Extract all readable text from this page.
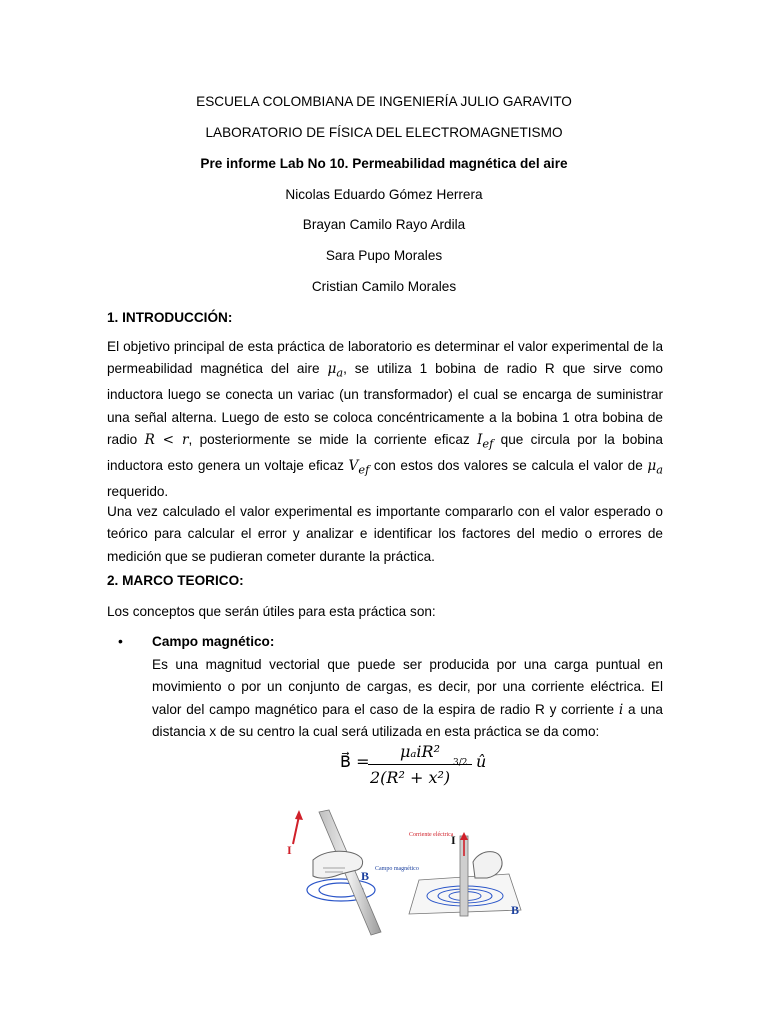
ESCUELA COLOMBIANA DE INGENIERÍA JULIO GARAVITO
LABORATORIO DE FÍSICA DEL ELECTROMAGNETISMO
Pre informe Lab No 10. Permeabilidad magnética del aire
Nicolas Eduardo Gómez Herrera
Brayan Camilo Rayo Ardila
Sara Pupo Morales
Cristian Camilo Morales
1. INTRODUCCIÓN:
El objetivo principal de esta práctica de laboratorio es determinar el valor experimental de la permeabilidad magnética del aire $\mu_a$, se utiliza 1 bobina de radio R que sirve como inductora luego se conecta un variac (un transformador) el cual se encarga de suministrar una señal alterna. Luego de esto se coloca concéntricamente a la bobina 1 otra bobina de radio R < r, posteriormente se mide la corriente eficaz $I_{ef}$ que circula por la bobina inductora esto genera un voltaje eficaz $V_{ef}$ con estos dos valores se calcula el valor de $\mu_a$ requerido.
Una vez calculado el valor experimental es importante compararlo con el valor esperado o teórico para calcular el error y analizar e identificar los factores del medio o errores de medición que se pudieran cometer durante la práctica.
2. MARCO TEORICO:
Los conceptos que serán útiles para esta práctica son:
• Campo magnético:
Es una magnitud vectorial que puede ser producida por una carga puntual en movimiento o por un conjunto de cargas, es decir, por una corriente eléctrica. El valor del campo magnético para el caso de la espira de radio R y corriente i a una distancia x de su centro la cual será utilizada en esta práctica se da como:
B⃗ =
μₐiR²
2(R² + x²)
3/2 û
I
B Campo magnético
I
Corriente eléctrica
B
